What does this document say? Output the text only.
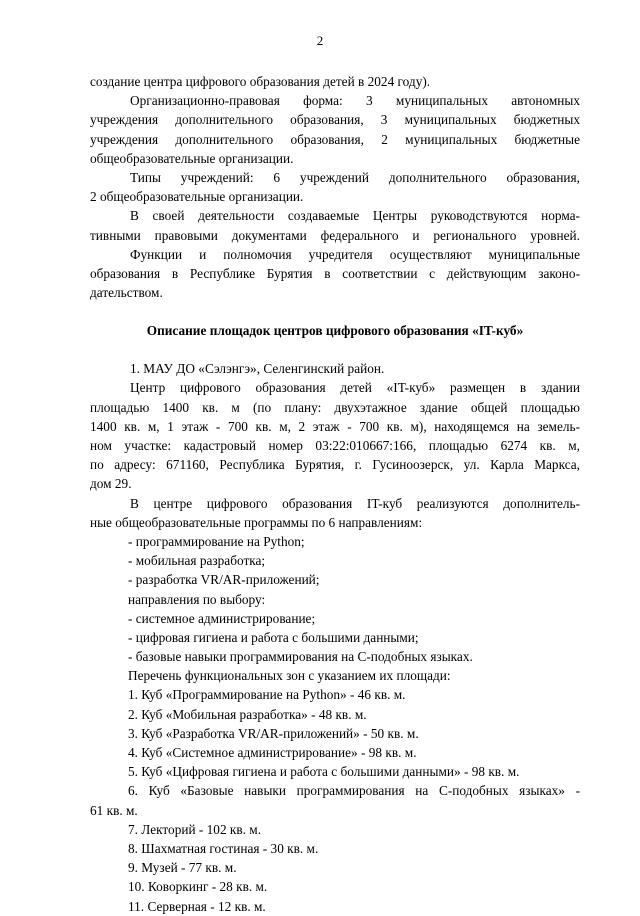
2
создание центра цифрового образования детей в 2024 году).
Организационно-правовая форма: 3 муниципальных автономных
учреждения дополнительного образования, 3 муниципальных бюджетных
учреждения дополнительного образования, 2 муниципальных бюджетные
общеобразовательные организации.
Типы учреждений: 6 учреждений дополнительного образования,
2 общеобразовательные организации.
В своей деятельности создаваемые Центры руководствуются норма-
тивными правовыми документами федерального и регионального уровней.
Функции и полномочия учредителя осуществляют муниципальные
образования в Республике Бурятия в соответствии с действующим законо-
дательством.
Описание площадок центров цифрового образования «IT-куб»
1. МАУ ДО «Сэлэнгэ», Селенгинский район.
Центр цифрового образования детей «IT-куб» размещен в здании
площадью 1400 кв. м (по плану: двухэтажное здание общей площадью
1400 кв. м, 1 этаж - 700 кв. м, 2 этаж - 700 кв. м), находящемся на земель-
ном участке: кадастровый номер 03:22:010667:166, площадью 6274 кв. м,
по адресу: 671160, Республика Бурятия, г. Гусиноозерск, ул. Карла Маркса,
дом 29.
В центре цифрового образования IT-куб реализуются дополнитель-
ные общеобразовательные программы по 6 направлениям:
- программирование на Python;
- мобильная разработка;
- разработка VR/AR-приложений;
направления по выбору:
- системное администрирование;
- цифровая гигиена и работа с большими данными;
- базовые навыки программирования на С-подобных языках.
Перечень функциональных зон с указанием их площади:
1. Куб «Программирование на Python» - 46 кв. м.
2. Куб «Мобильная разработка» - 48 кв. м.
3. Куб «Разработка VR/AR-приложений» - 50 кв. м.
4. Куб «Системное администрирование» - 98 кв. м.
5. Куб «Цифровая гигиена и работа с большими данными» - 98 кв. м.
6. Куб «Базовые навыки программирования на С-подобных языках» -
61 кв. м.
7. Лекторий - 102 кв. м.
8. Шахматная гостиная - 30 кв. м.
9. Музей - 77 кв. м.
10. Коворкинг - 28 кв. м.
11. Серверная - 12 кв. м.
